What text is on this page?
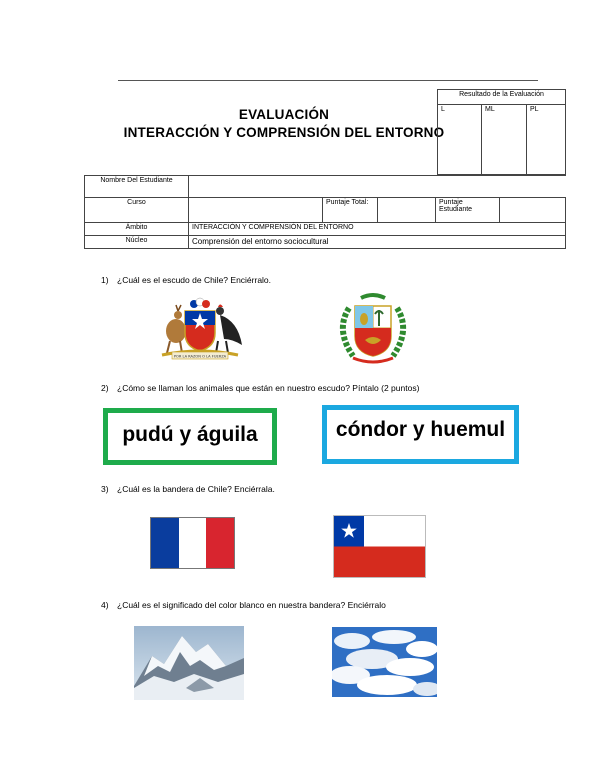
EVALUACIÓN
INTERACCIÓN Y COMPRENSIÓN DEL ENTORNO
Resultado de la Evaluación
L	ML	PL
Nombre Del Estudiante					
Curso		Puntaje Total:		Puntaje Estudiante	
Ámbito	INTERACCIÓN Y COMPRENSIÓN DEL ENTORNO				
Núcleo	Comprensión del entorno sociocultural				
1) ¿Cuál es el escudo de Chile? Enciérralo.
POR LA RAZON O LA FUERZA
2) ¿Cómo se llaman los animales que están en nuestro escudo? Píntalo (2 puntos)
pudú y águila	cóndor y huemul
3) ¿Cuál es la bandera de Chile? Enciérrala.
4) ¿Cuál es el significado del color blanco en nuestra bandera? Enciérralo
